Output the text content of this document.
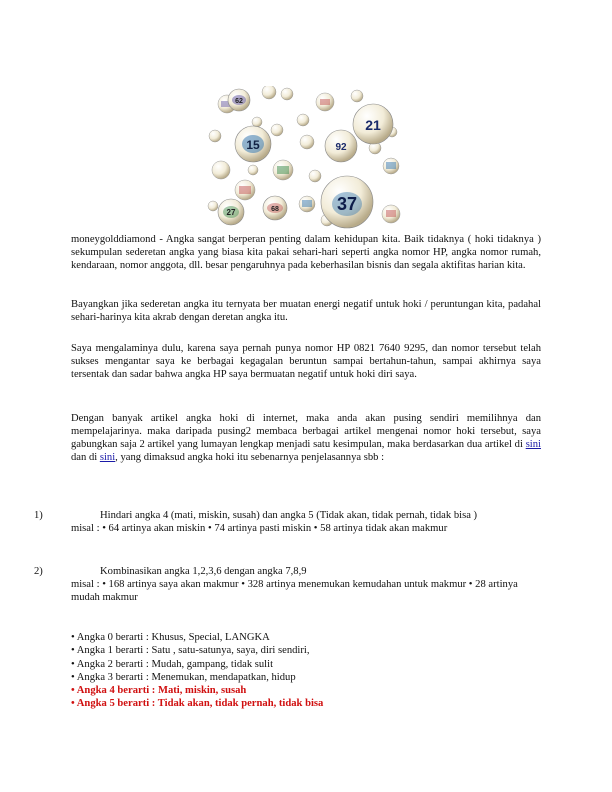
62
21
15	92
37
68
27
moneygolddiamond - Angka sangat berperan penting dalam kehidupan kita. Baik tidaknya ( hoki tidaknya ) sekumpulan sederetan angka yang biasa kita pakai sehari-hari seperti angka nomor HP, angka nomor rumah, kendaraan, nomor anggota, dll. besar pengaruhnya pada keberhasilan bisnis dan segala aktifitas harian kita.
Bayangkan jika sederetan angka itu ternyata ber muatan energi negatif untuk hoki / peruntungan kita, padahal sehari-harinya kita akrab dengan deretan angka itu.
Saya mengalaminya dulu, karena saya pernah punya nomor HP 0821 7640 9295, dan nomor tersebut telah sukses mengantar saya ke berbagai kegagalan beruntun sampai bertahun-tahun, sampai akhirnya saya tersentak dan sadar bahwa angka HP saya bermuatan negatif untuk hoki diri saya.
Dengan banyak artikel angka hoki di internet, maka anda akan pusing sendiri memilihnya dan mempelajarinya. maka daripada pusing2 membaca berbagai artikel mengenai nomor hoki tersebut, saya gabungkan saja 2 artikel yang lumayan lengkap menjadi satu kesimpulan, maka berdasarkan dua artikel di sini dan di sini, yang dimaksud angka hoki itu sebenarnya penjelasannya sbb :
1)	Hindari angka 4 (mati, miskin, susah) dan angka 5 (Tidak akan, tidak pernah, tidak bisa )
misal : • 64 artinya akan miskin • 74 artinya pasti miskin • 58 artinya tidak akan makmur
2)	Kombinasikan angka 1,2,3,6 dengan angka 7,8,9
misal : • 168 artinya saya akan makmur • 328 artinya menemukan kemudahan untuk makmur • 28 artinya mudah makmur
• Angka 0 berarti : Khusus, Special, LANGKA
• Angka 1 berarti : Satu , satu-satunya, saya, diri sendiri,
• Angka 2 berarti : Mudah, gampang, tidak sulit
• Angka 3 berarti : Menemukan, mendapatkan, hidup
• Angka 4 berarti : Mati, miskin, susah
• Angka 5 berarti : Tidak akan, tidak pernah, tidak bisa
